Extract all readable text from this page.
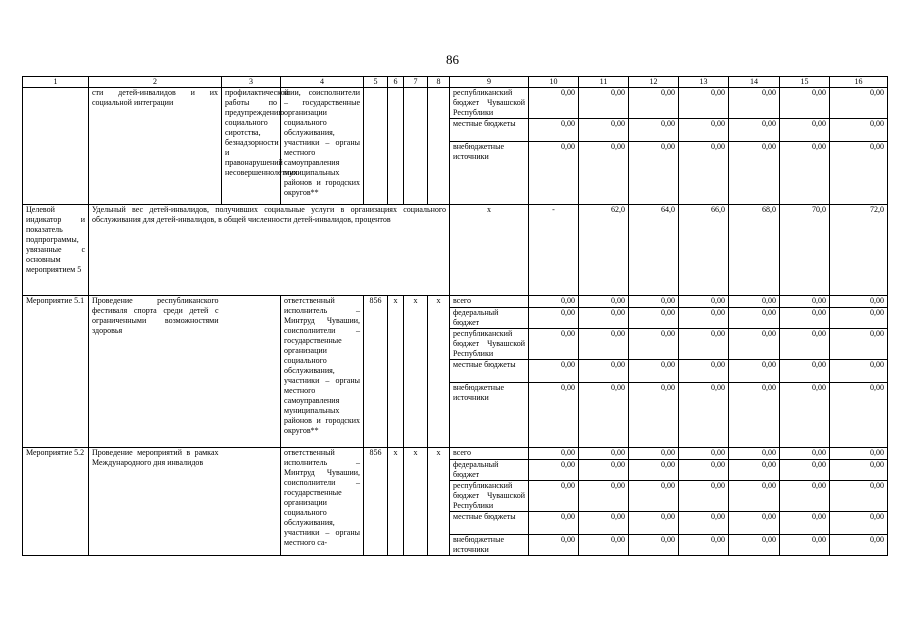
86
1	2	3	4	5	6	7	8	9	10	11	12	13	14	15	16
	сти детей-инвалидов и их социальной интеграции	профилактической работы по предупреждению социального сиротства, безнадзорности и правонарушений несовершеннолетних	шии, соисполнители – государственные организации социального обслуживания, участники – органы местного самоуправления муниципальных районов и городских округов**					республиканский бюджет Чувашской Республики	0,00	0,00	0,00	0,00	0,00	0,00	0,00
								местные бюджеты	0,00	0,00	0,00	0,00	0,00	0,00	0,00
								внебюджетные источники	0,00	0,00	0,00	0,00	0,00	0,00	0,00
Целевой индикатор и показатель подпрограммы, увязанные с основным мероприятием 5	Удельный вес детей-инвалидов, получивших социальные услуги в организациях социального обслуживания для детей-инвалидов, в общей численности детей-инвалидов, процентов							x	-	62,0	64,0	66,0	68,0	70,0	72,0
Мероприятие 5.1	Проведение республиканского фестиваля спорта среди детей с ограниченными возможностями здоровья		ответственный исполнитель – Минтруд Чувашии, соисполнители – государственные организации социального обслуживания, участники – органы местного самоуправления муниципальных районов и городских округов**	856	x	x	x	всего	0,00	0,00	0,00	0,00	0,00	0,00	0,00
								федеральный бюджет	0,00	0,00	0,00	0,00	0,00	0,00	0,00
								республиканский бюджет Чувашской Республики	0,00	0,00	0,00	0,00	0,00	0,00	0,00
								местные бюджеты	0,00	0,00	0,00	0,00	0,00	0,00	0,00
								внебюджетные источники	0,00	0,00	0,00	0,00	0,00	0,00	0,00
Мероприятие 5.2	Проведение мероприятий в рамках Международного дня инвалидов		ответственный исполнитель – Минтруд Чувашии, соисполнители – государственные организации социального обслуживания, участники – органы местного са-	856	x	x	x	всего	0,00	0,00	0,00	0,00	0,00	0,00	0,00
								федеральный бюджет	0,00	0,00	0,00	0,00	0,00	0,00	0,00
								республиканский бюджет Чувашской Республики	0,00	0,00	0,00	0,00	0,00	0,00	0,00
								местные бюджеты	0,00	0,00	0,00	0,00	0,00	0,00	0,00
								внебюджетные источники	0,00	0,00	0,00	0,00	0,00	0,00	0,00
